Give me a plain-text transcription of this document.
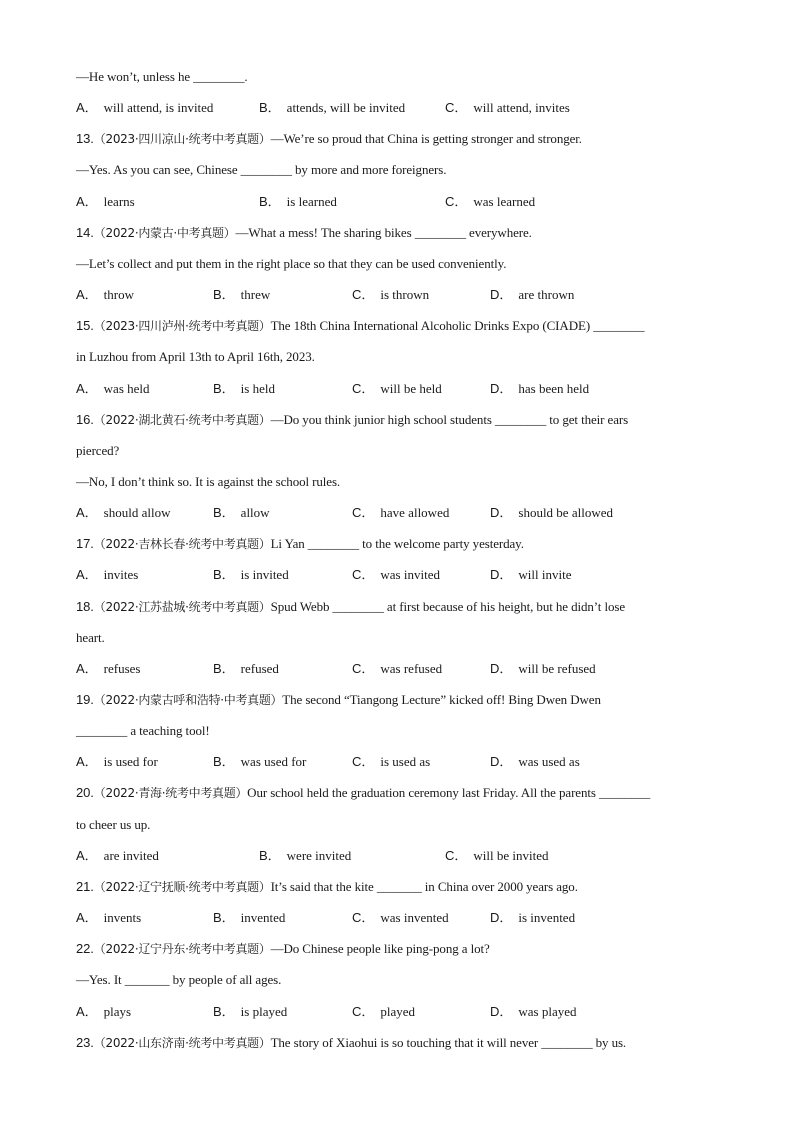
—He won’t, unless he ________.
A． will attend, is invited	B． attends, will be invited	C． will attend, invites
13.（2023·四川凉山·统考中考真题）—We’re so proud that China is getting stronger and stronger.
—Yes. As you can see, Chinese ________ by more and more foreigners.
A． learns	B． is learned	C． was learned
14.（2022·内蒙古·中考真题）—What a mess! The sharing bikes ________ everywhere.
—Let’s collect and put them in the right place so that they can be used conveniently.
A． throw	B． threw	C． is thrown	D． are thrown
15.（2023·四川泸州·统考中考真题）The 18th China International Alcoholic Drinks Expo (CIADE) ________
in Luzhou from April 13th to April 16th, 2023.
A． was held	B． is held	C． will be held	D． has been held
16.（2022·湖北黄石·统考中考真题）—Do you think junior high school students ________ to get their ears
pierced?
—No, I don’t think so. It is against the school rules.
A． should allow	B． allow	C． have allowed	D． should be allowed
17.（2022·吉林长春·统考中考真题）Li Yan ________ to the welcome party yesterday.
A． invites	B． is invited	C． was invited	D． will invite
18.（2022·江苏盐城·统考中考真题）Spud Webb ________ at first because of his height, but he didn’t lose
heart.
A． refuses	B． refused	C． was refused	D． will be refused
19.（2022·内蒙古呼和浩特·中考真题）The second “Tiangong Lecture” kicked off! Bing Dwen Dwen
________ a teaching tool!
A． is used for	B． was used for	C． is used as	D． was used as
20.（2022·青海·统考中考真题）Our school held the graduation ceremony last Friday. All the parents ________
to cheer us up.
A． are invited	B． were invited	C． will be invited
21.（2022·辽宁抚顺·统考中考真题）It’s said that the kite _______ in China over 2000 years ago.
A． invents	B． invented	C． was invented	D． is invented
22.（2022·辽宁丹东·统考中考真题）—Do Chinese people like ping-pong a lot?
—Yes. It _______ by people of all ages.
A． plays	B． is played	C． played	D． was played
23.（2022·山东济南·统考中考真题）The story of Xiaohui is so touching that it will never ________ by us.
